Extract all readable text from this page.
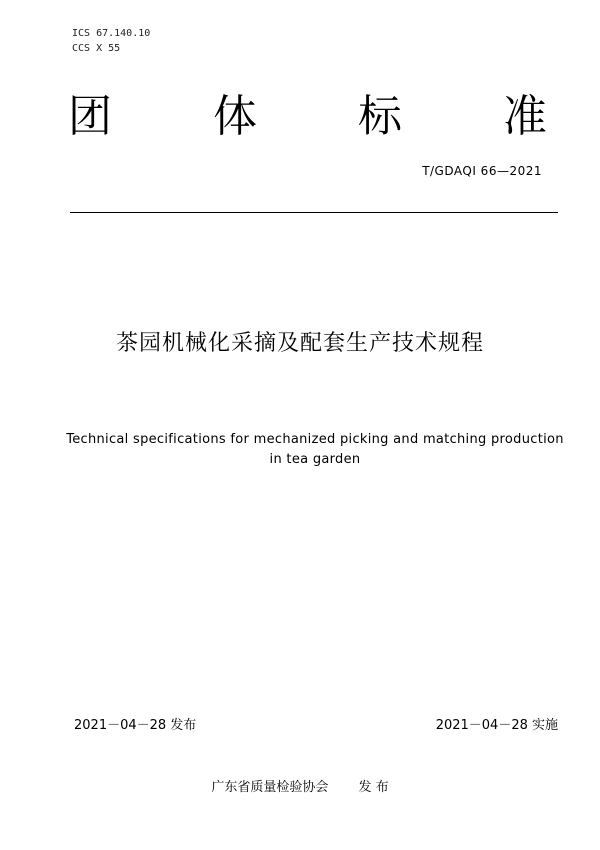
ICS 67.140.10
CCS X 55
团 体 标 准
T/GDAQI 66—2021
茶园机械化采摘及配套生产技术规程
Technical specifications for mechanized picking and matching production
in tea garden
2021－04－28 发布	2021－04－28 实施
广东省质量检验协会 发 布
